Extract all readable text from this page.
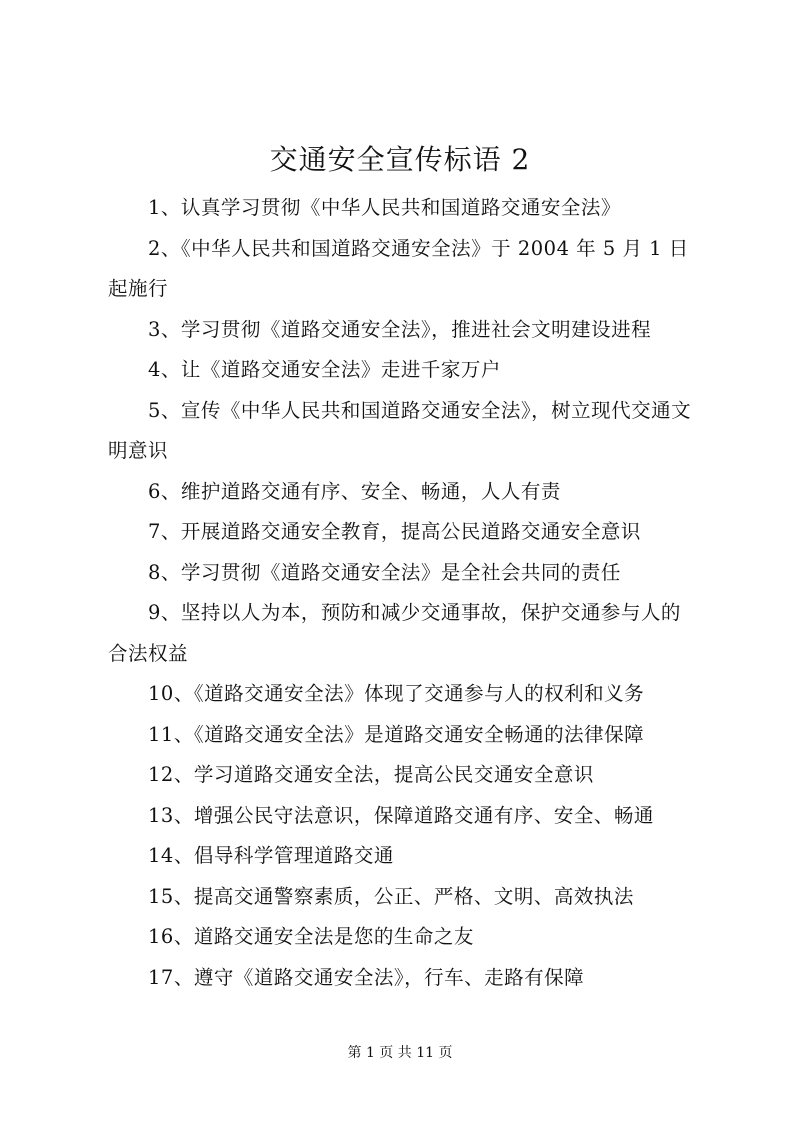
交通安全宣传标语 2

1、认真学习贯彻《中华人民共和国道路交通安全法》

2、《中华人民共和国道路交通安全法》于 2004 年 5 月 1 日起施行

3、学习贯彻《道路交通安全法》，推进社会文明建设进程

4、让《道路交通安全法》走进千家万户

5、宣传《中华人民共和国道路交通安全法》，树立现代交通文明意识

6、维护道路交通有序、安全、畅通，人人有责

7、开展道路交通安全教育，提高公民道路交通安全意识

8、学习贯彻《道路交通安全法》是全社会共同的责任

9、坚持以人为本，预防和减少交通事故，保护交通参与人的合法权益

10、《道路交通安全法》体现了交通参与人的权利和义务

11、《道路交通安全法》是道路交通安全畅通的法律保障

12、学习道路交通安全法，提高公民交通安全意识

13、增强公民守法意识，保障道路交通有序、安全、畅通

14、倡导科学管理道路交通

15、提高交通警察素质，公正、严格、文明、高效执法

16、道路交通安全法是您的生命之友

17、遵守《道路交通安全法》，行车、走路有保障

第 1 页 共 11 页
